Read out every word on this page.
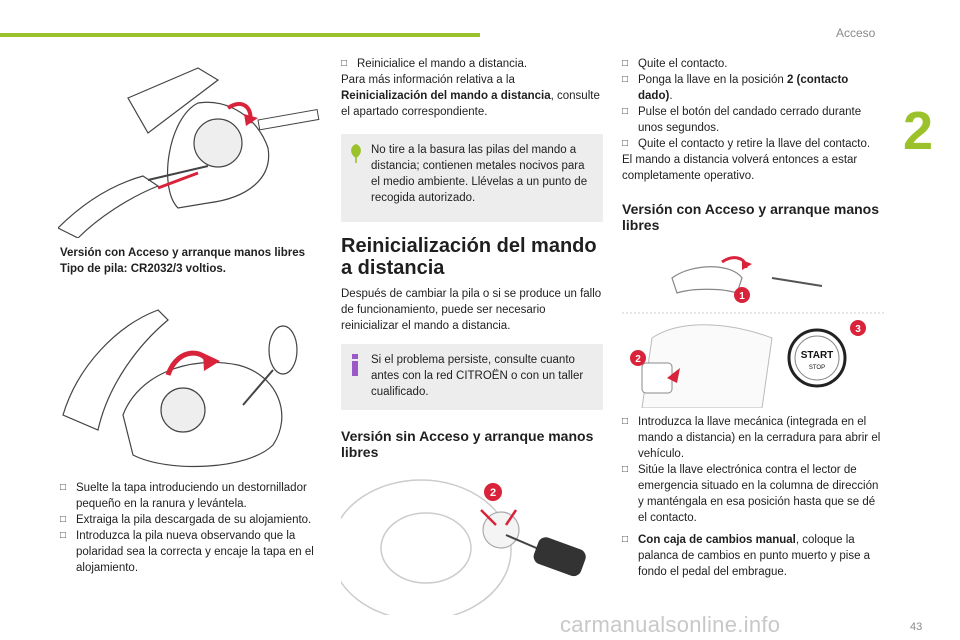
Acceso
2
Versión con Acceso y arranque manos libres
Tipo de pila: CR2032/3 voltios.
□ Suelte la tapa introduciendo un destornillador pequeño en la ranura y levántela.
□ Extraiga la pila descargada de su alojamiento.
□ Introduzca la pila nueva observando que la polaridad sea la correcta y encaje la tapa en el alojamiento.
□ Reinicialice el mando a distancia.
Para más información relativa a la Reinicialización del mando a distancia, consulte el apartado correspondiente.
No tire a la basura las pilas del mando a distancia; contienen metales nocivos para el medio ambiente. Llévelas a un punto de recogida autorizado.
Reinicialización del mando a distancia
Después de cambiar la pila o si se produce un fallo de funcionamiento, puede ser necesario reinicializar el mando a distancia.
Si el problema persiste, consulte cuanto antes con la red CITROËN o con un taller cualificado.
Versión sin Acceso y arranque manos libres
2
□ Quite el contacto.
□ Ponga la llave en la posición 2 (contacto dado).
□ Pulse el botón del candado cerrado durante unos segundos.
□ Quite el contacto y retire la llave del contacto.
El mando a distancia volverá entonces a estar completamente operativo.
Versión con Acceso y arranque manos libres
1
2	START
STOP
3
□ Introduzca la llave mecánica (integrada en el mando a distancia) en la cerradura para abrir el vehículo.
□ Sitúe la llave electrónica contra el lector de emergencia situado en la columna de dirección y manténgala en esa posición hasta que se dé el contacto.
□ Con caja de cambios manual, coloque la palanca de cambios en punto muerto y pise a fondo el pedal del embrague.
carmanualsonline.info	43
